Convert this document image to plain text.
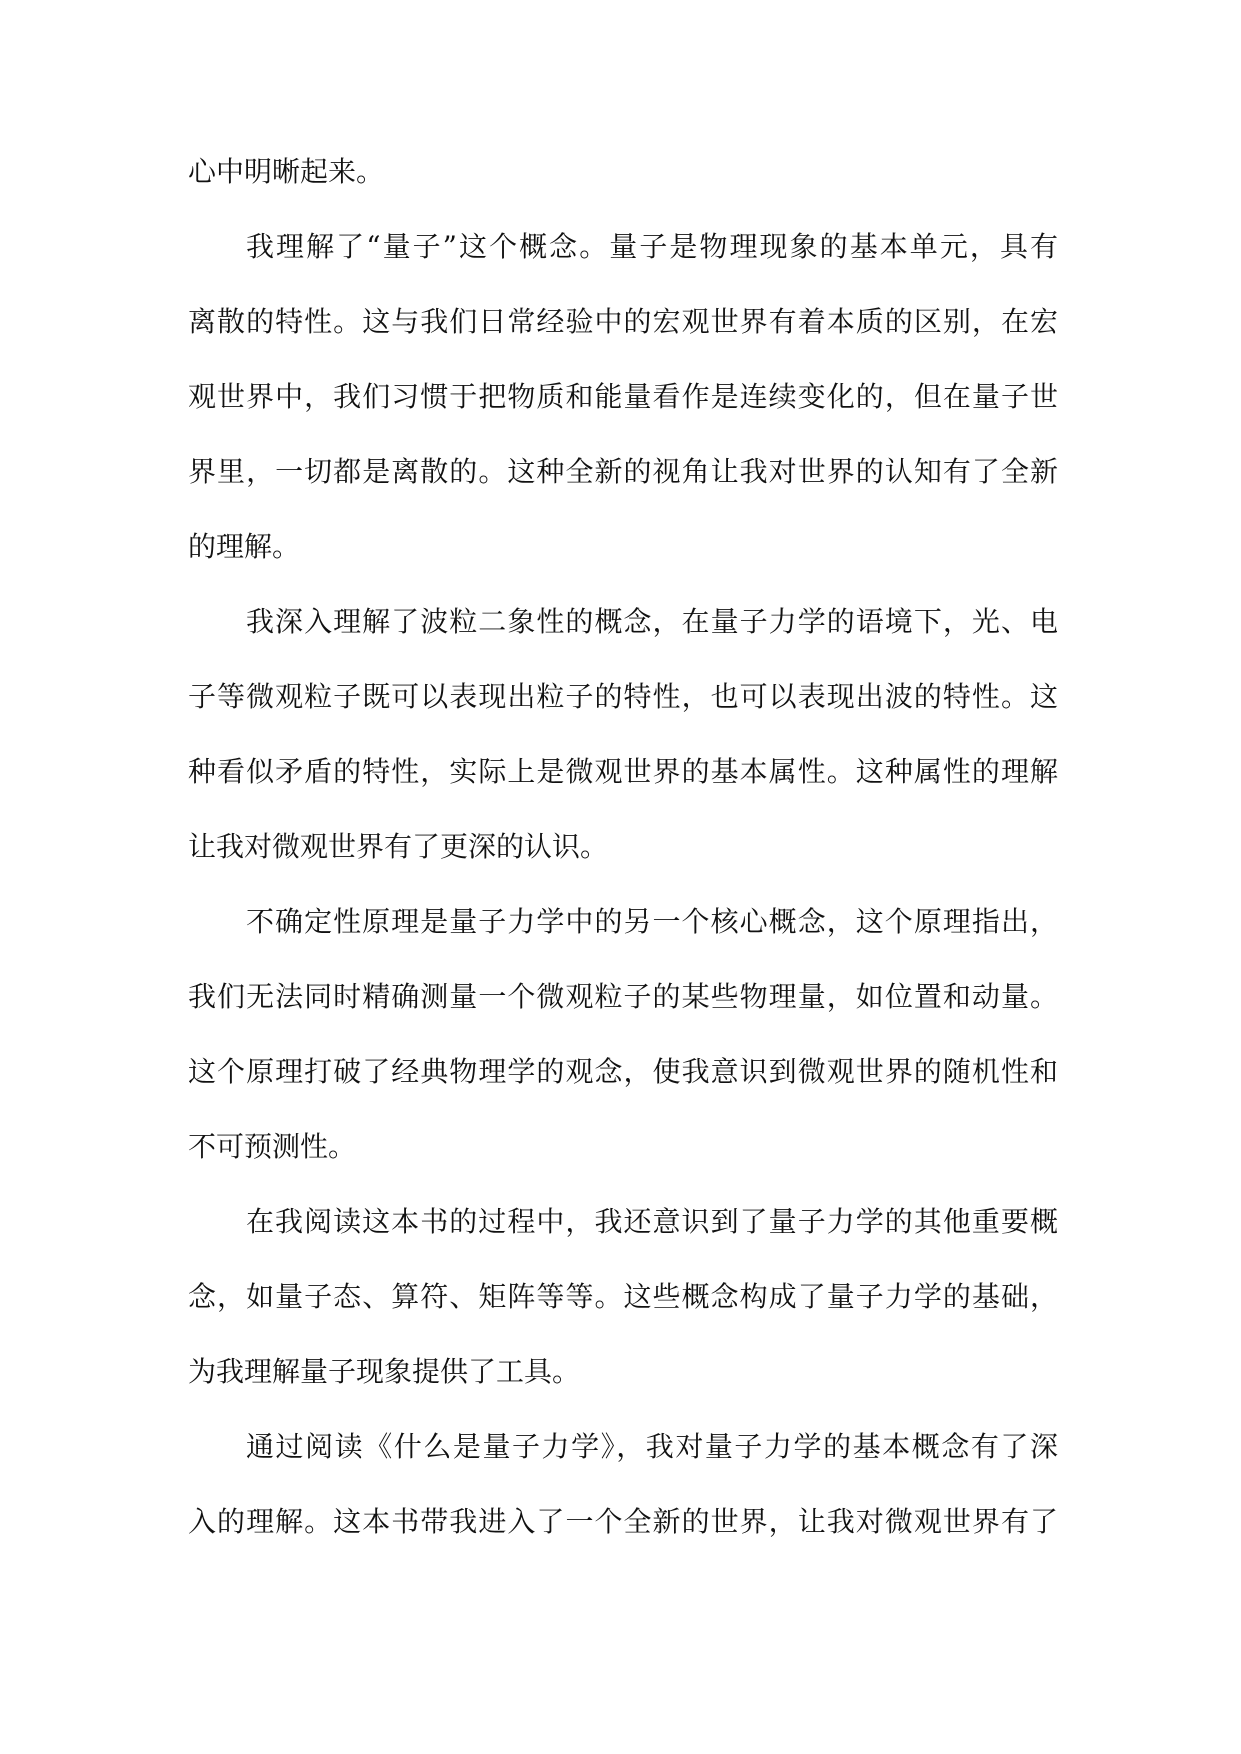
心中明晰起来。
我理解了“量子”这个概念。量子是物理现象的基本单元，具有
离散的特性。这与我们日常经验中的宏观世界有着本质的区别，在宏
观世界中，我们习惯于把物质和能量看作是连续变化的，但在量子世
界里，一切都是离散的。这种全新的视角让我对世界的认知有了全新
的理解。
我深入理解了波粒二象性的概念，在量子力学的语境下，光、电
子等微观粒子既可以表现出粒子的特性，也可以表现出波的特性。这
种看似矛盾的特性，实际上是微观世界的基本属性。这种属性的理解
让我对微观世界有了更深的认识。
不确定性原理是量子力学中的另一个核心概念，这个原理指出，
我们无法同时精确测量一个微观粒子的某些物理量，如位置和动量。
这个原理打破了经典物理学的观念，使我意识到微观世界的随机性和
不可预测性。
在我阅读这本书的过程中，我还意识到了量子力学的其他重要概
念，如量子态、算符、矩阵等等。这些概念构成了量子力学的基础，
为我理解量子现象提供了工具。
通过阅读《什么是量子力学》，我对量子力学的基本概念有了深
入的理解。这本书带我进入了一个全新的世界，让我对微观世界有了
